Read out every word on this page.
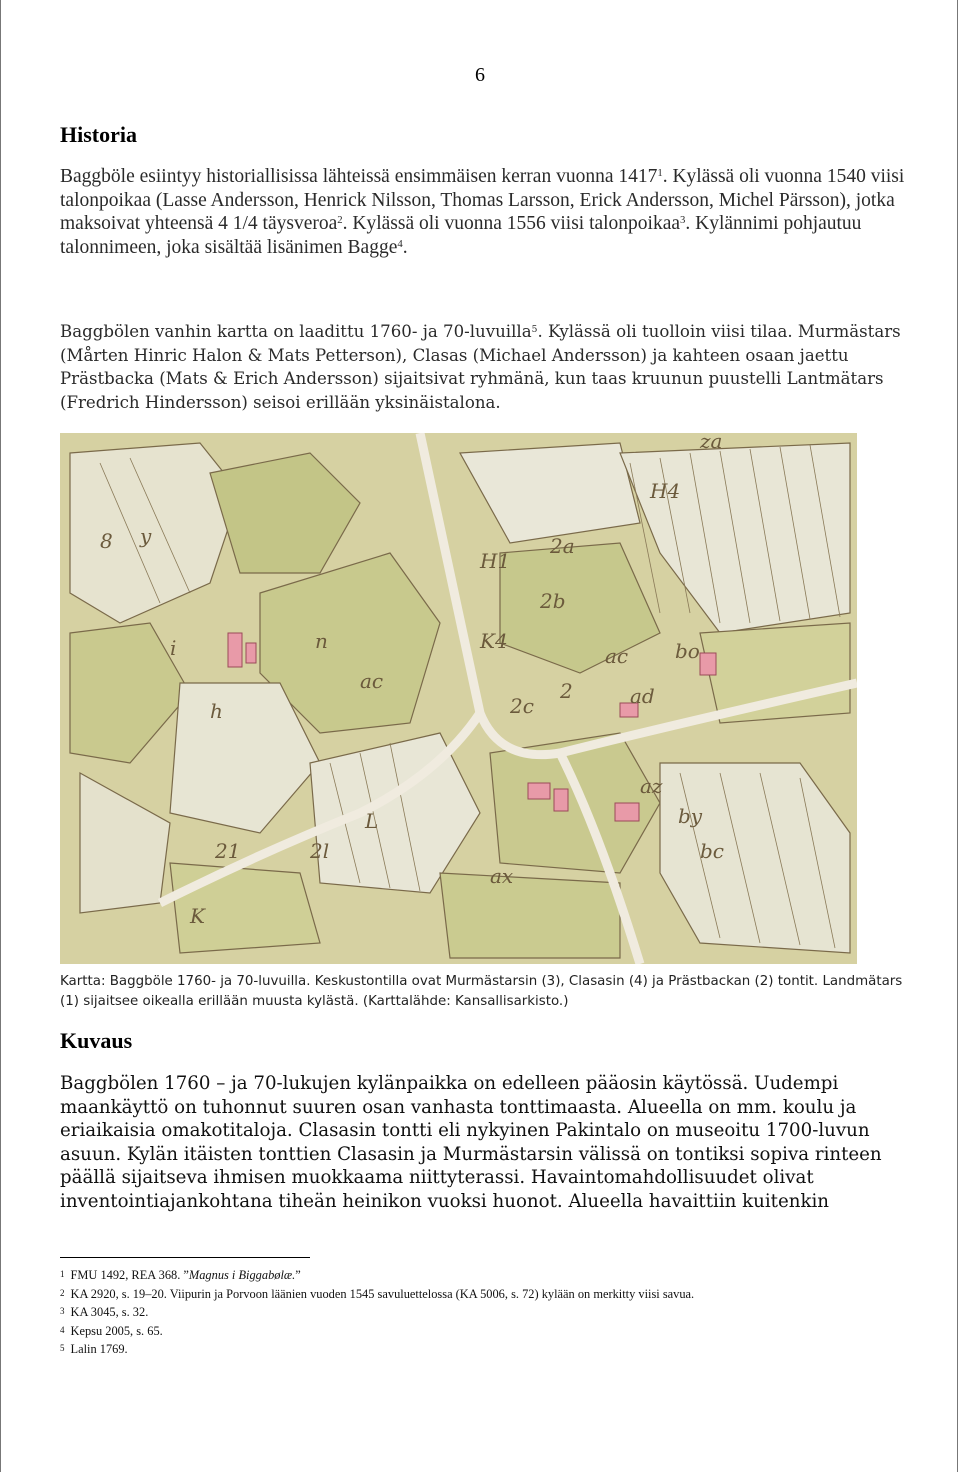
6
Historia

Baggböle esiintyy historiallisissa lähteissä ensimmäisen kerran vuonna 1417$^1$. Kylässä oli vuonna 1540 viisi talonpoikaa (Lasse Andersson, Henrick Nilsson, Thomas Larsson, Erick Andersson, Michel Pärsson), jotka maksoivat yhteensä 4 1/4 täysveroa$^2$. Kylässä oli vuonna 1556 viisi talonpoikaa$^3$. Kylännimi pohjautuu talonnimeen, joka sisältää lisänimen Bagge$^4$.

Baggbölen vanhin kartta on laadittu 1760- ja 70-luvuilla$^5$. Kylässä oli tuolloin viisi tilaa. Murmästars (Mårten Hinric Halon & Mats Petterson), Clasas (Michael Andersson) ja kahteen osaan jaettu Prästbacka (Mats & Erich Andersson) sijaitsivat ryhmänä, kun taas kruunun puustelli Lantmätars (Fredrich Hindersson) seisoi erillään yksinäistalona.

y
8
i
h
ac
n
L
21	2l
ax
K
H1
K4
2a
2b
2
ac bo
ad
2c
H4
za
az
by
bc

Kartta: Baggböle 1760- ja 70-luvuilla. Keskustontilla ovat Murmästarsin (3), Clasasin (4) ja Prästbackan (2) tontit. Landmätars (1) sijaitsee oikealla erillään muusta kylästä. (Karttalähde: Kansallisarkisto.)

Kuvaus

Baggbölen 1760 – ja 70-lukujen kylänpaikka on edelleen pääosin käytössä. Uudempi maankäyttö on tuhonnut suuren osan vanhasta tonttimaasta. Alueella on mm. koulu ja eriaikaisia omakotitaloja. Clasasin tontti eli nykyinen Pakintalo on museoitu 1700-luvun asuun. Kylän itäisten tonttien Clasasin ja Murmästarsin välissä on tontiksi sopiva rinteen päällä sijaitseva ihmisen muokkaama niittyterassi. Havaintomahdollisuudet olivat inventointiajankohtana tiheän heinikon vuoksi huonot. Alueella havaittiin kuitenkin

1 FMU 1492, REA 368. ”Magnus i Biggabølæ.”
2 KA 2920, s. 19–20. Viipurin ja Porvoon läänien vuoden 1545 savuluettelossa (KA 5006, s. 72) kylään on merkitty viisi savua.
3 KA 3045, s. 32.
4 Kepsu 2005, s. 65.
5 Lalin 1769.
